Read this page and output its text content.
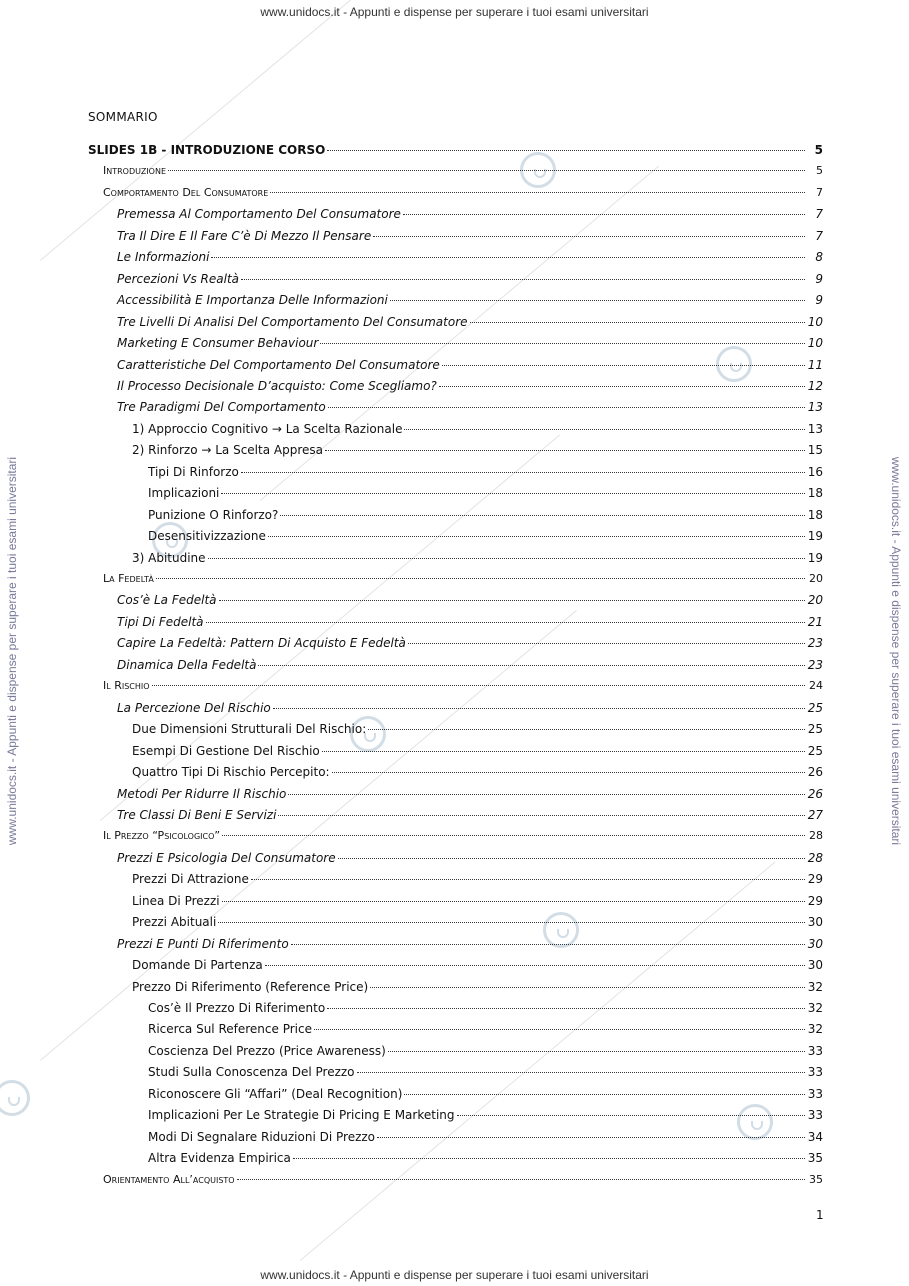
www.unidocs.it - Appunti e dispense per superare i tuoi esami universitari
www.unidocs.it - Appunti e dispense per superare i tuoi esami universitari
www.unidocs.it - Appunti e dispense per superare i tuoi esami universitari	www.unidocs.it - Appunti e dispense per superare i tuoi esami universitari
SOMMARIO
SLIDES 1B - INTRODUZIONE CORSO	5
Introduzione	5
Comportamento Del Consumatore	7
Premessa Al Comportamento Del Consumatore	7
Tra Il Dire E Il Fare C’è Di Mezzo Il Pensare	7
Le Informazioni	8
Percezioni Vs Realtà	9
Accessibilità E Importanza Delle Informazioni	9
Tre Livelli Di Analisi Del Comportamento Del Consumatore	10
Marketing E Consumer Behaviour	10
Caratteristiche Del Comportamento Del Consumatore	11
Il Processo Decisionale D’acquisto: Come Scegliamo?	12
Tre Paradigmi Del Comportamento	13
1) Approccio Cognitivo → La Scelta Razionale	13
2) Rinforzo → La Scelta Appresa	15
Tipi Di Rinforzo	16
Implicazioni	18
Punizione O Rinforzo?	18
Desensitivizzazione	19
3) Abitudine	19
La Fedeltà	20
Cos’è La Fedeltà	20
Tipi Di Fedeltà	21
Capire La Fedeltà: Pattern Di Acquisto E Fedeltà	23
Dinamica Della Fedeltà	23
Il Rischio	24
La Percezione Del Rischio	25
Due Dimensioni Strutturali Del Rischio:	25
Esempi Di Gestione Del Rischio	25
Quattro Tipi Di Rischio Percepito:	26
Metodi Per Ridurre Il Rischio	26
Tre Classi Di Beni E Servizi	27
Il Prezzo “Psicologico”	28
Prezzi E Psicologia Del Consumatore	28
Prezzi Di Attrazione	29
Linea Di Prezzi	29
Prezzi Abituali	30
Prezzi E Punti Di Riferimento	30
Domande Di Partenza	30
Prezzo Di Riferimento (Reference Price)	32
Cos’è Il Prezzo Di Riferimento	32
Ricerca Sul Reference Price	32
Coscienza Del Prezzo (Price Awareness)	33
Studi Sulla Conoscenza Del Prezzo	33
Riconoscere Gli “Affari” (Deal Recognition)	33
Implicazioni Per Le Strategie Di Pricing E Marketing	33
Modi Di Segnalare Riduzioni Di Prezzo	34
Altra Evidenza Empirica	35
Orientamento All’acquisto	35
1
